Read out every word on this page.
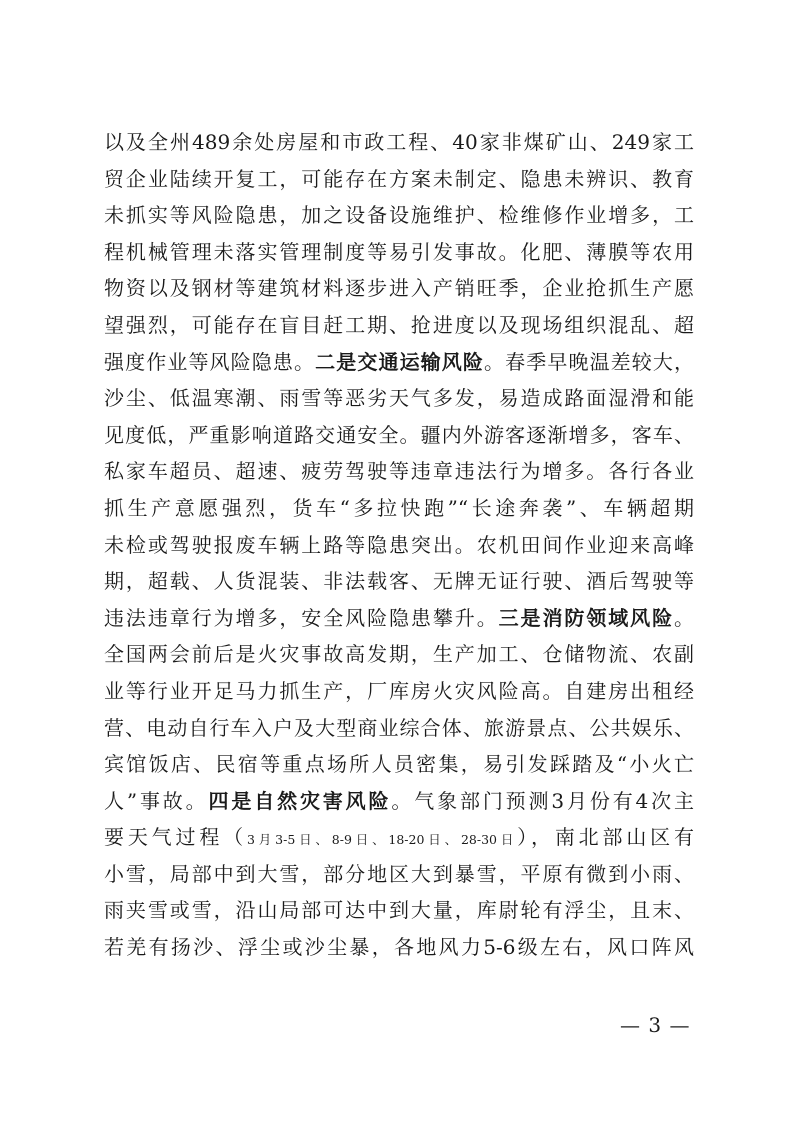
以及全州489余处房屋和市政工程、40家非煤矿山、249家工
贸企业陆续开复工，可能存在方案未制定、隐患未辨识、教育
未抓实等风险隐患，加之设备设施维护、检维修作业增多，工
程机械管理未落实管理制度等易引发事故。化肥、薄膜等农用
物资以及钢材等建筑材料逐步进入产销旺季，企业抢抓生产愿
望强烈，可能存在盲目赶工期、抢进度以及现场组织混乱、超
强度作业等风险隐患。二是交通运输风险。春季早晚温差较大，
沙尘、低温寒潮、雨雪等恶劣天气多发，易造成路面湿滑和能
见度低，严重影响道路交通安全。疆内外游客逐渐增多，客车、
私家车超员、超速、疲劳驾驶等违章违法行为增多。各行各业
抓生产意愿强烈，货车“多拉快跑”“长途奔袭”、车辆超期
未检或驾驶报废车辆上路等隐患突出。农机田间作业迎来高峰
期，超载、人货混装、非法载客、无牌无证行驶、酒后驾驶等
违法违章行为增多，安全风险隐患攀升。三是消防领域风险。
全国两会前后是火灾事故高发期，生产加工、仓储物流、农副
业等行业开足马力抓生产，厂库房火灾风险高。自建房出租经
营、电动自行车入户及大型商业综合体、旅游景点、公共娱乐、
宾馆饭店、民宿等重点场所人员密集，易引发踩踏及“小火亡
人”事故。四是自然灾害风险。气象部门预测3月份有4次主
要天气过程（3月3-5日、8-9日、18-20日、28-30日），南北部山区有
小雪，局部中到大雪，部分地区大到暴雪，平原有微到小雨、
雨夹雪或雪，沿山局部可达中到大量，库尉轮有浮尘，且末、
若羌有扬沙、浮尘或沙尘暴，各地风力5-6级左右，风口阵风
— 3 —
